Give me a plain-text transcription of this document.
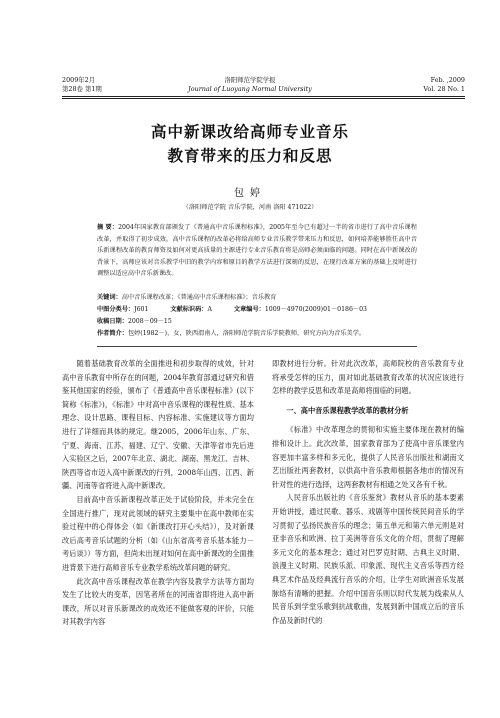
2009年2月
第28卷 第1期
洛阳师范学院学报
Journal of Luoyang Normal University
Feb. ,2009
Vol. 28 No. 1
高中新课改给高师专业音乐
教育带来的压力和反思
包婷
（洛阳师范学院 音乐学院，河南 洛阳 471022）
摘 要：2004年国家教育部颁发了《普通高中音乐课程标准》，2005年至今已有超过一半的省市进行了高中音乐课程改革，并取得了初步成效。高中音乐课程的改革必将给高师专业音乐教学带来压力和反思，如何培养能够胜任高中音乐新课程改革的教育师资及如何对更高质量的主源进行专业音乐教育将是高师必须面临的问题。同时在高中新课改的背景下，高师应该对音乐教学中旧的教学内容和原目的教学方法进行深刻的反思，在现行改革方案的基础上及时进行调整以适应高中音乐新课改。
关键词：高中音乐课程改革；《普通高中音乐课程标准》；音乐教育
中图分类号：J601	文献标识码：A	文章编号：1009－4970(2009)01－0186－03
收稿日期：2008－09－15
作者简介：包婷(1982－)，女，陕西渭南人，洛阳师范学院音乐学院教师，研究方向为音乐美学。

随着基础教育改革的全面推进和初步取得的成效，针对高中音乐教育中所存在的问题，2004年教育部通过研究和借鉴其他国家的经验，颁布了《普通高中音乐课程标准》(以下简称《标准》)，《标准》中对高中音乐课程的课程性质、基本理念、设计思路、课程目标、内容标准、实施建议等方面均进行了详细而具体的规定。继2005，2006年山东、广东、宁夏、海南、江苏、福建、辽宁、安徽、天津等省市先后进入实验区之后，2007年北京、湖北、湖南、黑龙江、吉林、陕西等省市迈入高中新课改的行列，2008年山西、江西、新疆、河南等省将进入高中新课改。

目前高中音乐新课程改革正处于试验阶段，并未完全在全国进行推广，现对此领域的研究主要集中在高中教师在实验过程中的心得体会（如《新课改打开心头结》），及对新课改后高考音乐试题的分析（如《山东省高考音乐基本能力－考后谈》）等方面，但尚未出现对如何在高中新课改的全面推进背景下进行高师音乐专业教学系统改革问题的研究。

此次高中音乐课程改革在教学内容及教学方法等方面均发生了比较大的变革，因笔者所在的河南省即将进入高中新课改，所以对音乐新课改的成效还不能做客观的评价，只能对其教学内容

即教材进行分析。针对此次改革，高师院校的音乐教育专业将承受怎样的压力，面对如此基础教育改革的状况应该进行怎样的教学反思和改革是高师将面临的问题。
一、高中音乐课程教学改革的教材分析

《标准》中改革理念的贯彻和实施主要体现在教材的编排和设计上。此次改革，国家教育部为了使高中音乐课堂内容更加丰富多样和多元化，提供了人民音乐出版社和湖南文艺出版社两套教材，以供高中音乐教师根据各地市的情况有针对性的进行选择，这两套教材有相通之处又各有千秋。

人民音乐出版社的《音乐鉴赏》教材从音乐的基本要素开始讲授，通过民歌、器乐、戏剧等中国传统民间音乐的学习贯彻了弘扬民族音乐的理念；第五单元和第六单元则是对亚非音乐和欧洲、拉丁美洲等音乐文化的介绍，贯彻了理解多元文化的基本理念；通过对巴罗克时期、古典主义时期、浪漫主义时期、民族乐派、印象派、现代主义音乐等西方经典艺术作品及经典流行音乐的介绍，让学生对欧洲音乐发展脉络有清晰的把握。介绍中国音乐则以时代发展为线索从人民音乐到学堂乐歌到抗战歌曲，发展到新中国成立后的音乐作品及新时代的
